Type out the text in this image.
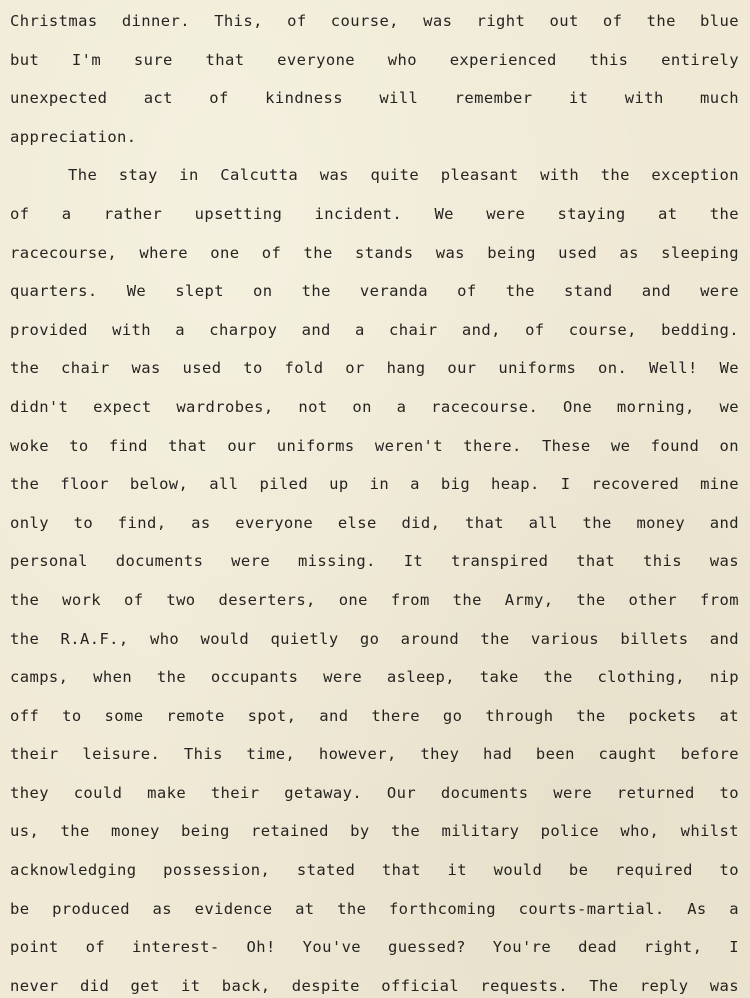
Christmas dinner. This, of course, was right out of the blue
but I'm sure that everyone who experienced this entirely
unexpected act of kindness will remember it with much
appreciation.
The stay in Calcutta was quite pleasant with the exception
of a rather upsetting incident. We were staying at the
racecourse, where one of the stands was being used as sleeping
quarters. We slept on the veranda of the stand and were
provided with a charpoy and a chair and, of course, bedding.
the chair was used to fold or hang our uniforms on. Well! We
didn't expect wardrobes, not on a racecourse. One morning, we
woke to find that our uniforms weren't there. These we found on
the floor below, all piled up in a big heap. I recovered mine
only to find, as everyone else did, that all the money and
personal documents were missing. It transpired that this was
the work of two deserters, one from the Army, the other from
the R.A.F., who would quietly go around the various billets and
camps, when the occupants were asleep, take the clothing, nip
off to some remote spot, and there go through the pockets at
their leisure. This time, however, they had been caught before
they could make their getaway. Our documents were returned to
us, the money being retained by the military police who, whilst
acknowledging possession, stated that it would be required to
be produced as evidence at the forthcoming courts-martial. As a
point of interest- Oh! You've guessed? You're dead right, I
never did get it back, despite official requests. The reply was
